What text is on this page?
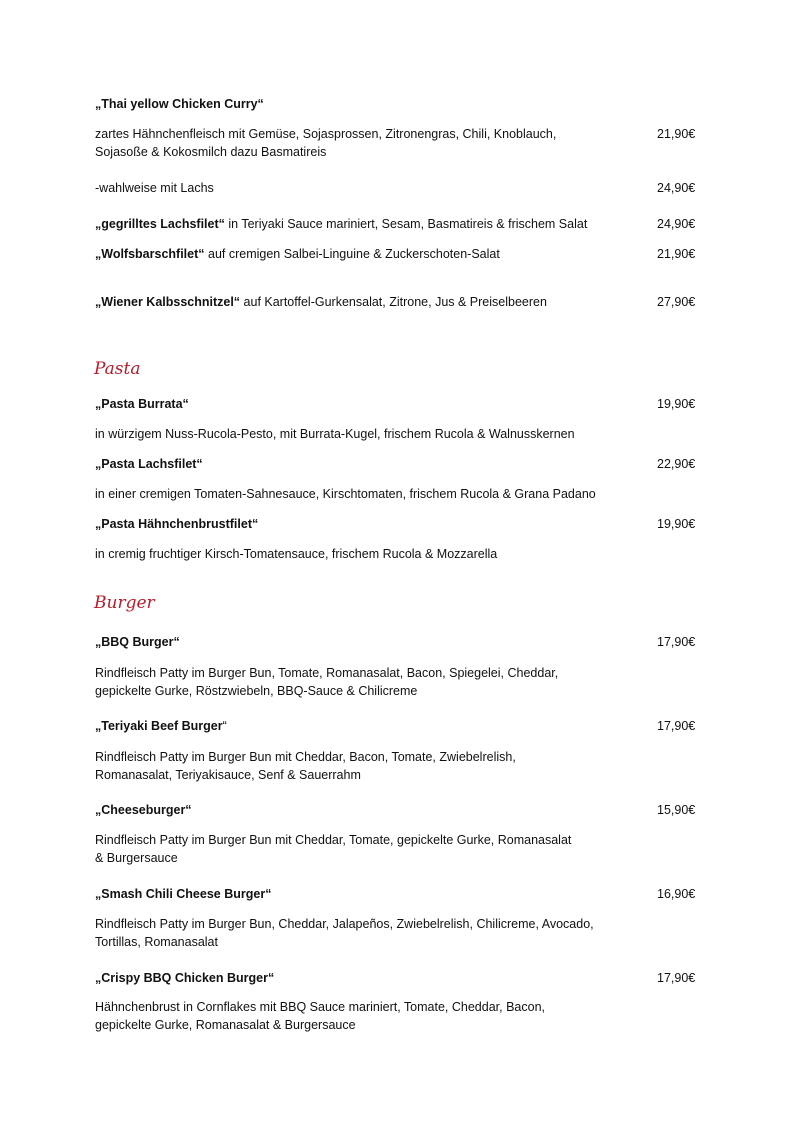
„Thai yellow Chicken Curry“
zartes Hähnchenfleisch mit Gemüse, Sojasprossen, Zitronengras, Chili, Knoblauch,	21,90€
Sojasoße & Kokosmilch dazu Basmatireis
-wahlweise mit Lachs	24,90€
„gegrilltes Lachsfilet“ in Teriyaki Sauce mariniert, Sesam, Basmatireis & frischem Salat	24,90€
„Wolfsbarschfilet“ auf cremigen Salbei-Linguine & Zuckerschoten-Salat	21,90€
„Wiener Kalbsschnitzel“ auf Kartoffel-Gurkensalat, Zitrone, Jus & Preiselbeeren	27,90€
Pasta
„Pasta Burrata“	19,90€
in würzigem Nuss-Rucola-Pesto, mit Burrata-Kugel, frischem Rucola & Walnusskernen
„Pasta Lachsfilet“	22,90€
in einer cremigen Tomaten-Sahnesauce, Kirschtomaten, frischem Rucola & Grana Padano
„Pasta Hähnchenbrustfilet“	19,90€
in cremig fruchtiger Kirsch-Tomatensauce, frischem Rucola & Mozzarella
Burger
„BBQ Burger“	17,90€
Rindfleisch Patty im Burger Bun, Tomate, Romanasalat, Bacon, Spiegelei, Cheddar,
gepickelte Gurke, Röstzwiebeln, BBQ-Sauce & Chilicreme
„Teriyaki Beef Burger“	17,90€
Rindfleisch Patty im Burger Bun mit Cheddar, Bacon, Tomate, Zwiebelrelish,
Romanasalat, Teriyakisauce, Senf & Sauerrahm
„Cheeseburger“	15,90€
Rindfleisch Patty im Burger Bun mit Cheddar, Tomate, gepickelte Gurke, Romanasalat
& Burgersauce
„Smash Chili Cheese Burger“	16,90€
Rindfleisch Patty im Burger Bun, Cheddar, Jalapeños, Zwiebelrelish, Chilicreme, Avocado,
Tortillas, Romanasalat
„Crispy BBQ Chicken Burger“	17,90€
Hähnchenbrust in Cornflakes mit BBQ Sauce mariniert, Tomate, Cheddar, Bacon,
gepickelte Gurke, Romanasalat & Burgersauce
